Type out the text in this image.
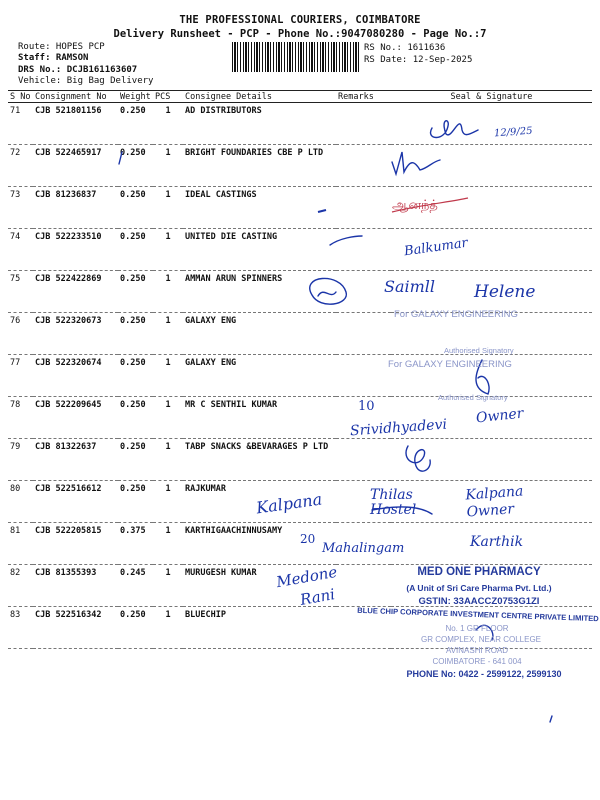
THE PROFESSIONAL COURIERS, COIMBATORE
Delivery Runsheet - PCP - Phone No.:9047080280 - Page No.:7
Route: HOPES PCP
Staff: RAMSON
DRS No.: DCJB161163607
Vehicle: Big Bag Delivery
RS No.: 1611636
RS Date: 12-Sep-2025
S No	Consignment No	Weight	PCS	Consignee Details	Remarks	Seal & Signature
71	CJB 521801156	0.250	1	AD DISTRIBUTORS		
72	CJB 522465917	0.250	1	BRIGHT FOUNDARIES CBE P LTD		
73	CJB 81236837	0.250	1	IDEAL CASTINGS		
74	CJB 522233510	0.250	1	UNITED DIE CASTING		
75	CJB 522422869	0.250	1	AMMAN ARUN SPINNERS		
76	CJB 522320673	0.250	1	GALAXY ENG		
77	CJB 522320674	0.250	1	GALAXY ENG		
78	CJB 522209645	0.250	1	MR C SENTHIL KUMAR		
79	CJB 81322637	0.250	1	TABP SNACKS &BEVARAGES P LTD		
80	CJB 522516612	0.250	1	RAJKUMAR		
81	CJB 522205815	0.375	1	KARTHIGAACHINNUSAMY		
82	CJB 81355393	0.245	1	MURUGESH KUMAR		
83	CJB 522516342	0.250	1	BLUECHIP		
12/9/25
ஆனந்த்
Balkumar
Saimll Helene
For GALAXY ENGINEERING
Authorised Signatory
For GALAXY ENGINEERING
Authorised Signatory
10
Srividhyadevi
Owner
Kalpana	Thilas Hostel
Kalpana Owner
20
Mahalingam	Karthik
Medone
Rani
MED ONE PHARMACY
(A Unit of Sri Care Pharma Pvt. Ltd.)
GSTIN: 33AACCZ0753G1ZI
BLUE CHIP CORPORATE INVESTMENT CENTRE PRIVATE LIMITED
No. 1 GR FLOOR
GR COMPLEX, NEAR COLLEGE
AVINASHI ROAD
COIMBATORE - 641 004
PHONE No: 0422 - 2599122, 2599130
